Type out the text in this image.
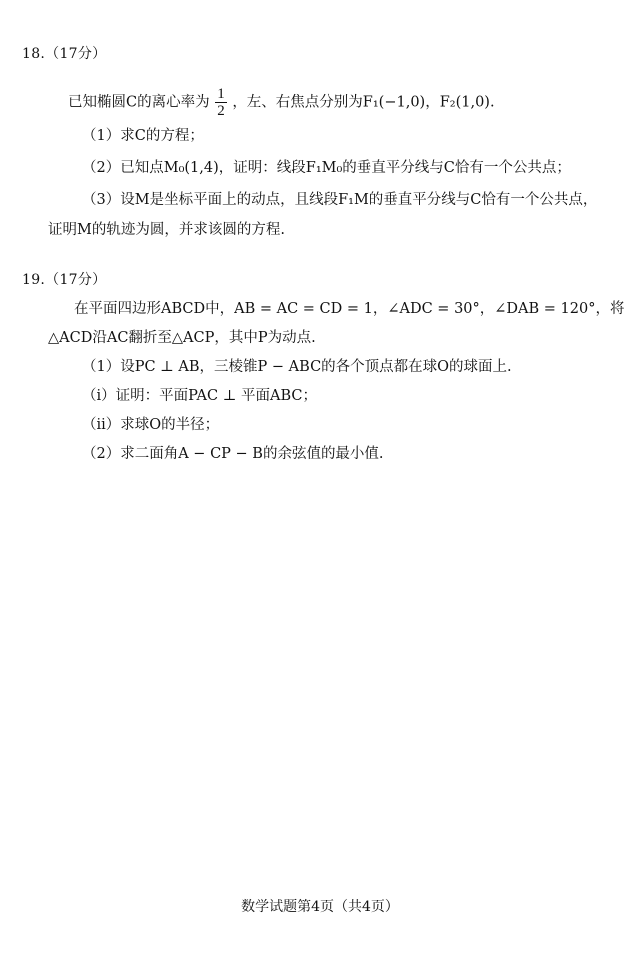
18.（17分）
已知椭圆C的离心率为 $\frac{1}{2}$ ，左、右焦点分别为F₁(−1,0)，F₂(1,0).
（1）求C的方程；
（2）已知点M₀(1,4)，证明：线段F₁M₀的垂直平分线与C恰有一个公共点；
（3）设M是坐标平面上的动点，且线段F₁M的垂直平分线与C恰有一个公共点，
证明M的轨迹为圆，并求该圆的方程.
19.（17分）
在平面四边形ABCD中，AB = AC = CD = 1，∠ADC = 30°，∠DAB = 120°，将
△ACD沿AC翻折至△ACP，其中P为动点.
（1）设PC ⊥ AB，三棱锥P − ABC的各个顶点都在球O的球面上.
（i）证明：平面PAC ⊥ 平面ABC；
（ii）求球O的半径；
（2）求二面角A − CP − B的余弦值的最小值.
数学试题第4页（共4页）
